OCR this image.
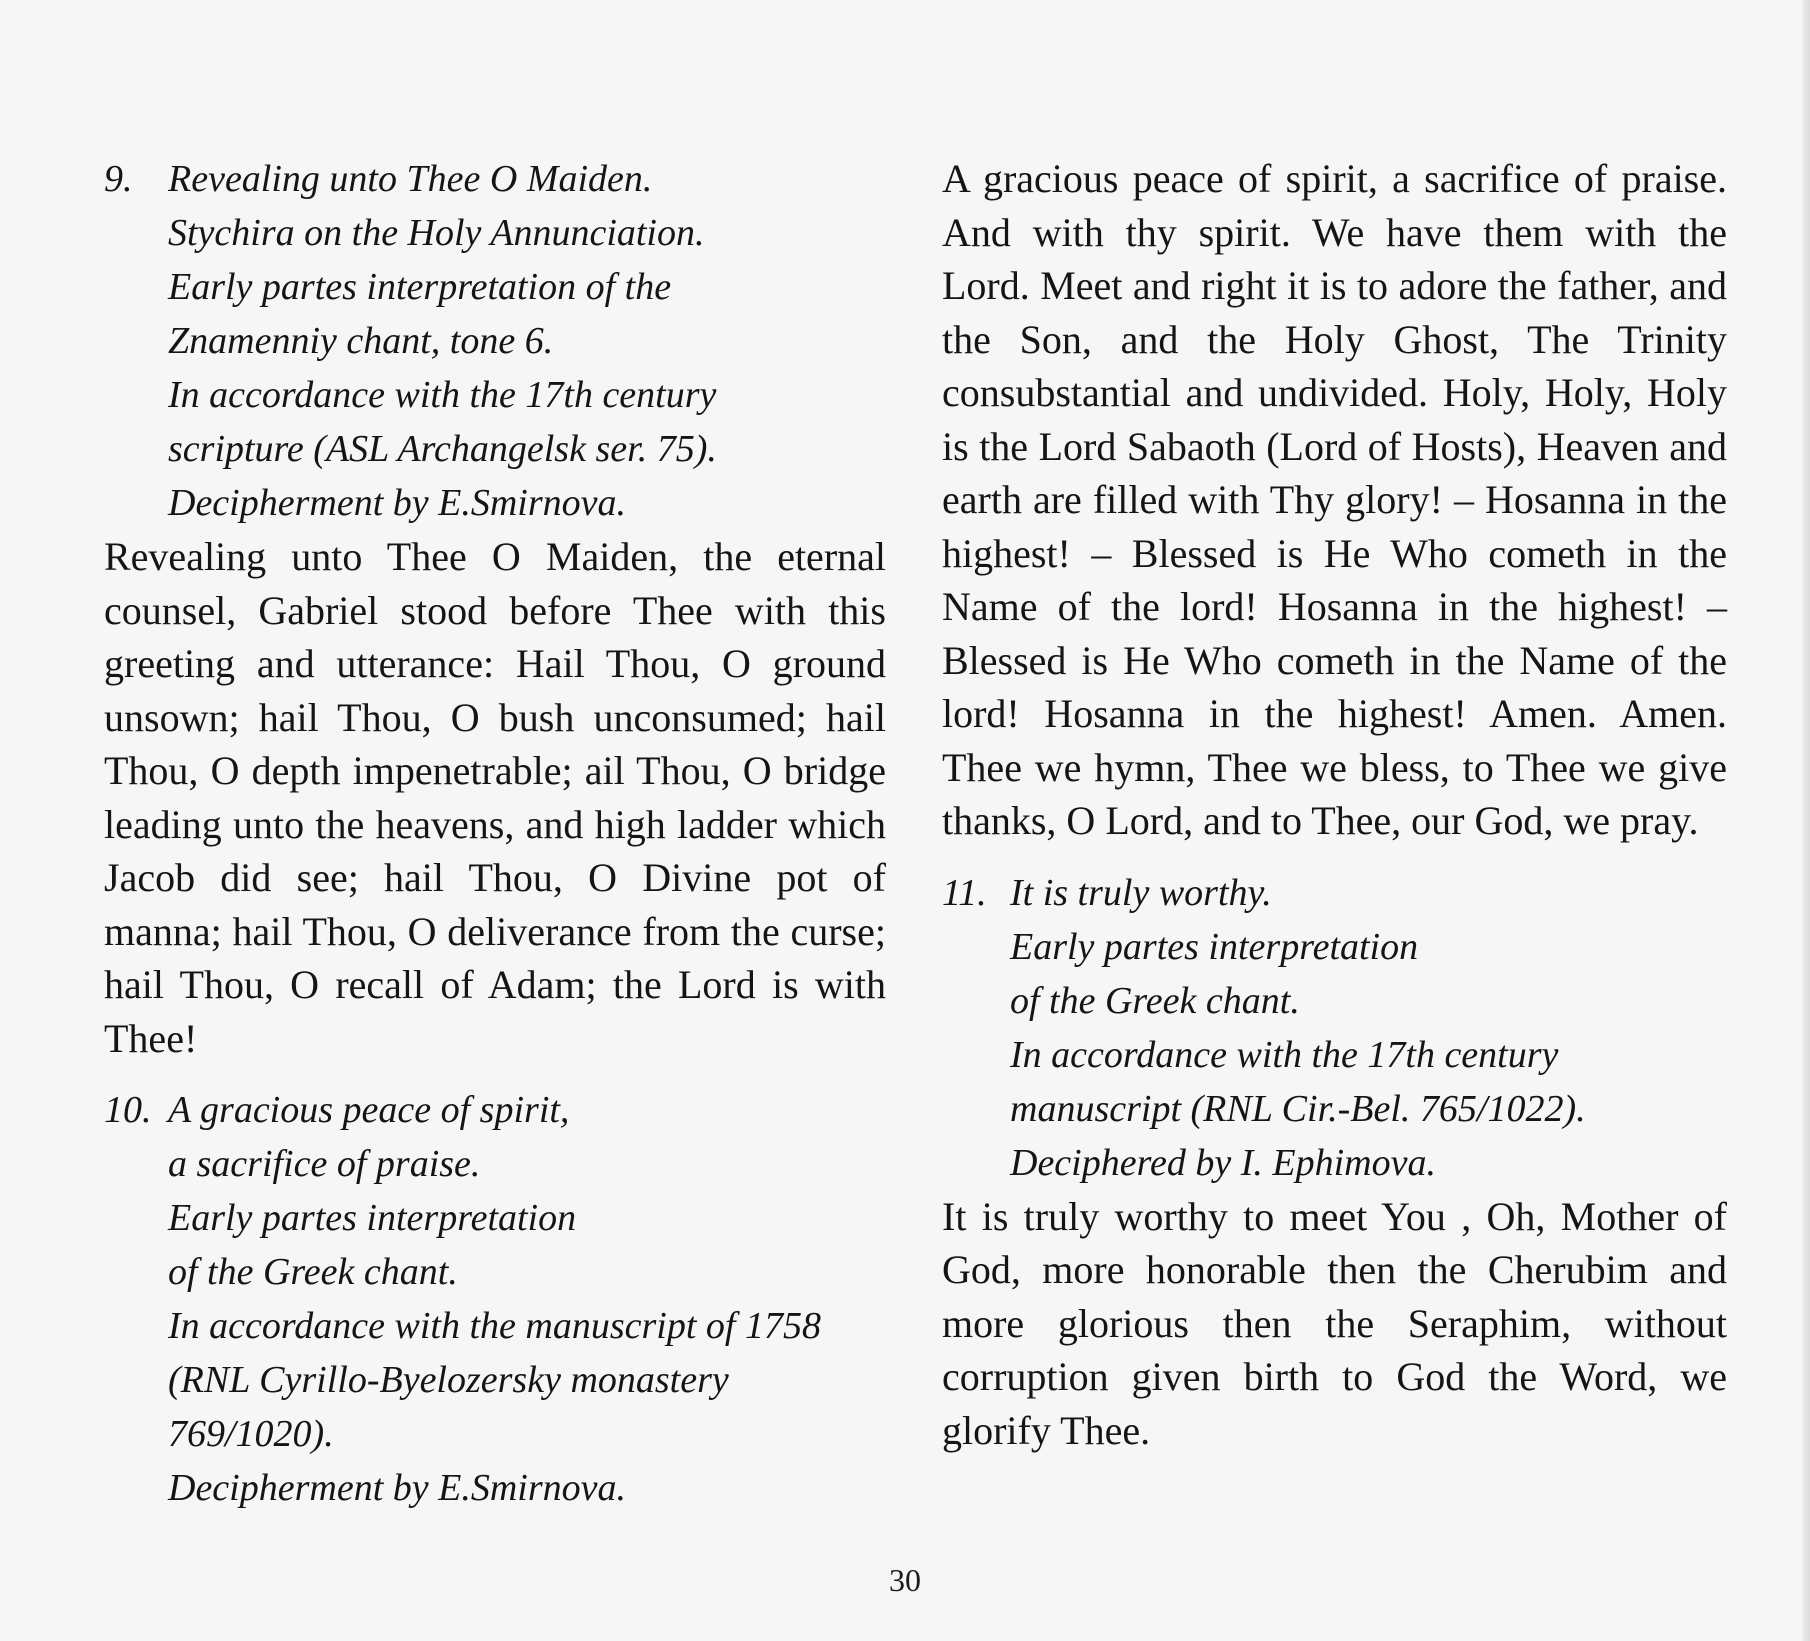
9. Revealing unto Thee O Maiden.
Stychira on the Holy Annunciation.
Early partes interpretation of the
Znamenniy chant, tone 6.
In accordance with the 17th century
scripture (ASL Archangelsk ser. 75).
Decipherment by E.Smirnova.

Revealing unto Thee O Maiden, the eternal counsel, Gabriel stood before Thee with this greeting and utterance: Hail Thou, O ground unsown; hail Thou, O bush unconsumed; hail Thou, O depth impenetrable; ail Thou, O bridge leading unto the heavens, and high ladder which Jacob did see; hail Thou, O Divine pot of manna; hail Thou, O deliverance from the curse; hail Thou, O recall of Adam; the Lord is with Thee!

10. A gracious peace of spirit,
a sacrifice of praise.
Early partes interpretation
of the Greek chant.
In accordance with the manuscript of 1758
(RNL Cyrillo-Byelozersky monastery
769/1020).
Decipherment by E.Smirnova.

A gracious peace of spirit, a sacrifice of praise. And with thy spirit. We have them with the Lord. Meet and right it is to adore the father, and the Son, and the Holy Ghost, The Trinity consubstantial and undivided. Holy, Holy, Holy is the Lord Sabaoth (Lord of Hosts), Heaven and earth are filled with Thy glory! – Hosanna in the highest! – Blessed is He Who cometh in the Name of the lord! Hosanna in the highest! – Blessed is He Who cometh in the Name of the lord! Hosanna in the highest! Amen. Amen. Thee we hymn, Thee we bless, to Thee we give thanks, O Lord, and to Thee, our God, we pray.

11. It is truly worthy.
Early partes interpretation
of the Greek chant.
In accordance with the 17th century
manuscript (RNL Cir.-Bel. 765/1022).
Deciphered by I. Ephimova.

It is truly worthy to meet You , Oh, Mother of God, more honorable then the Cherubim and more glorious then the Seraphim, without corruption given birth to God the Word, we glorify Thee.

30
